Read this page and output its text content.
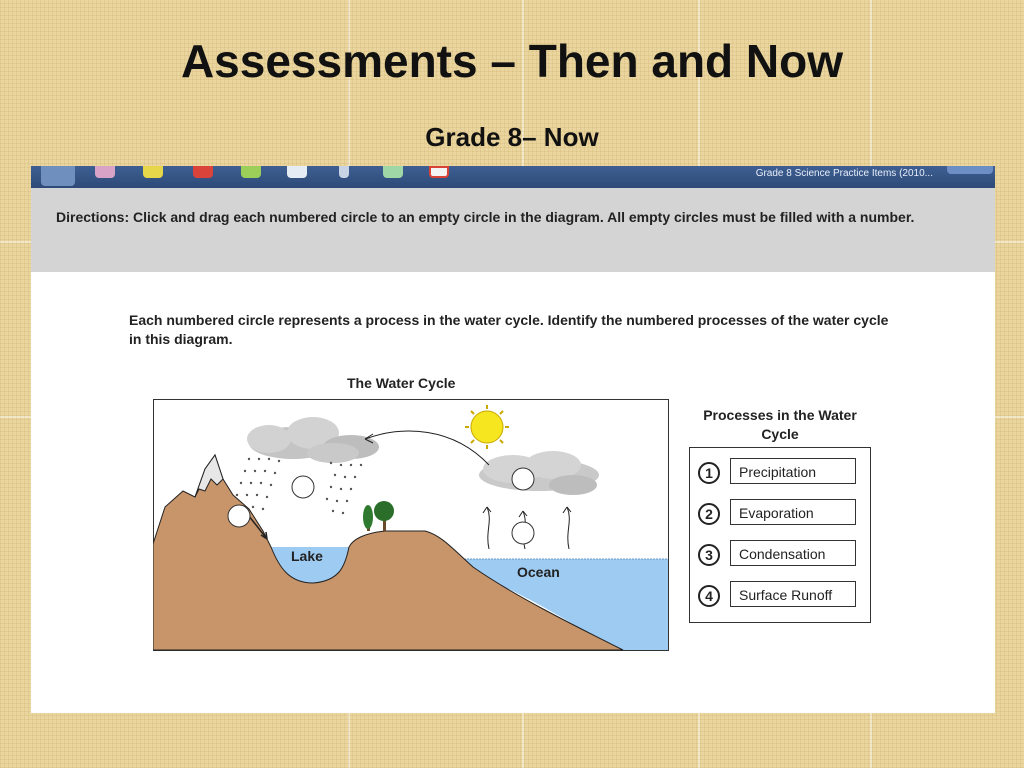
Assessments – Then and Now
Grade 8– Now
Grade 8 Science Practice Items (2010...
Directions: Click and drag each numbered circle to an empty circle in the diagram. All empty circles must be filled with a number.
Each numbered circle represents a process in the water cycle. Identify the numbered processes of the water cycle in this diagram.
The Water Cycle
Lake
Ocean
Processes in the Water Cycle
1	Precipitation
2	Evaporation
3	Condensation
4	Surface Runoff
